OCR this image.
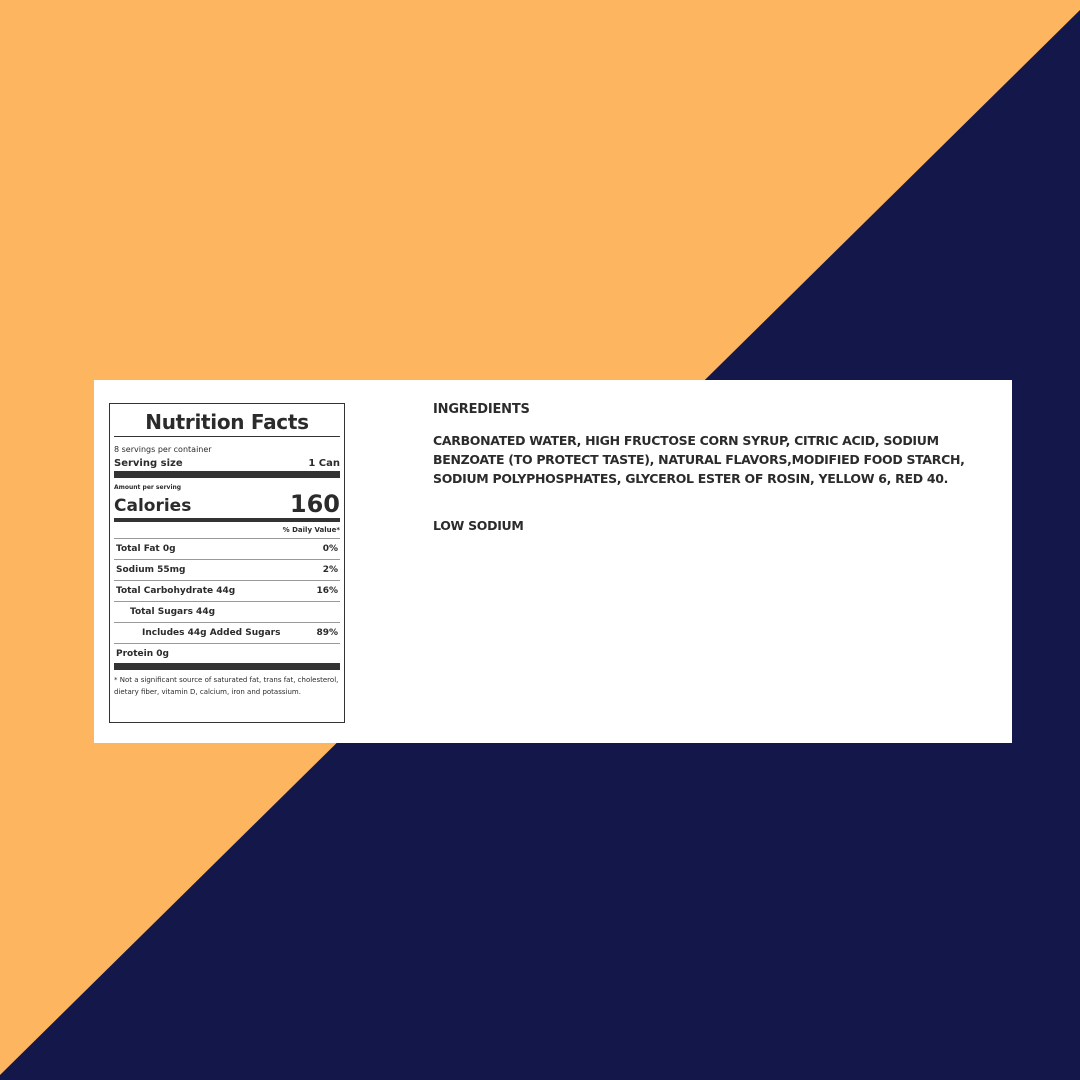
Nutrition Facts
8 servings per container
Serving size	1 Can
Amount per serving
Calories	160
% Daily Value*
Total Fat 0g	0%
Sodium 55mg	2%
Total Carbohydrate 44g	16%
Total Sugars 44g
Includes 44g Added Sugars	89%
Protein 0g
* Not a significant source of saturated fat, trans fat, cholesterol, dietary fiber, vitamin D, calcium, iron and potassium.
INGREDIENTS
CARBONATED WATER, HIGH FRUCTOSE CORN SYRUP, CITRIC ACID, SODIUM BENZOATE (TO PROTECT TASTE), NATURAL FLAVORS,MODIFIED FOOD STARCH, SODIUM POLYPHOSPHATES, GLYCEROL ESTER OF ROSIN, YELLOW 6, RED 40.
LOW SODIUM
